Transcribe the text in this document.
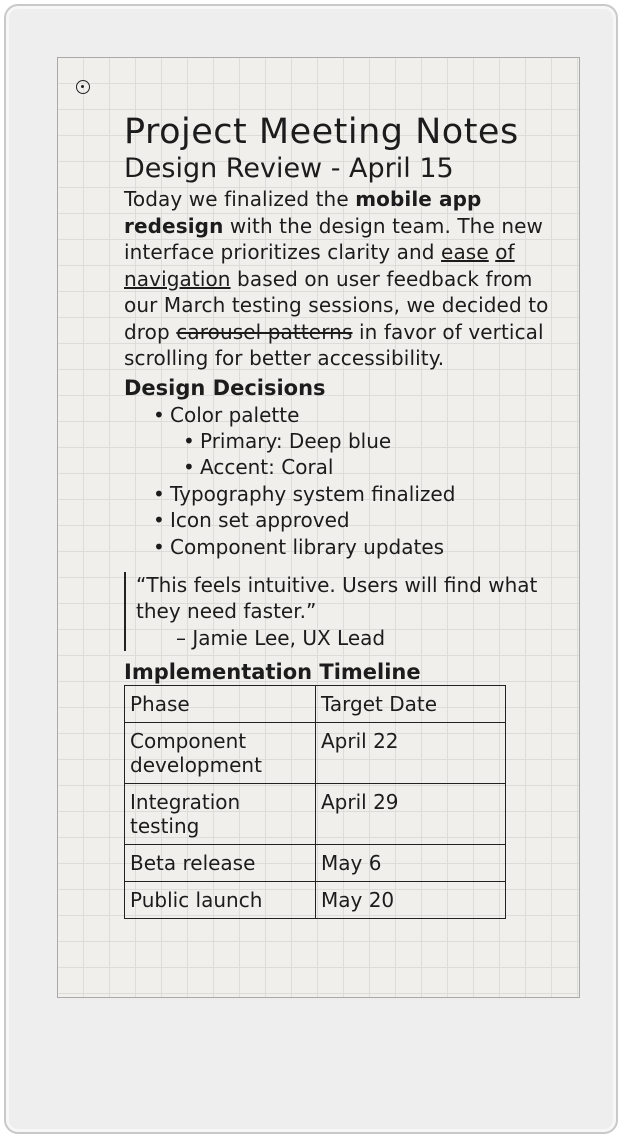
Project Meeting Notes
Design Review - April 15

Today we finalized the mobile app redesign with the design team. The new interface prioritizes clarity and ease of navigation based on user feedback from our March testing sessions, we decided to drop carousel patterns in favor of vertical scrolling for better accessibility.

Design Decisions
• Color palette
• Primary: Deep blue
• Accent: Coral
• Typography system finalized
• Icon set approved
• Component library updates
“This feels intuitive. Users will find what they need faster.”
– Jamie Lee, UX Lead
Implementation Timeline
Phase	Target Date
Component development	April 22
Integration testing	April 29
Beta release	May 6
Public launch	May 20
